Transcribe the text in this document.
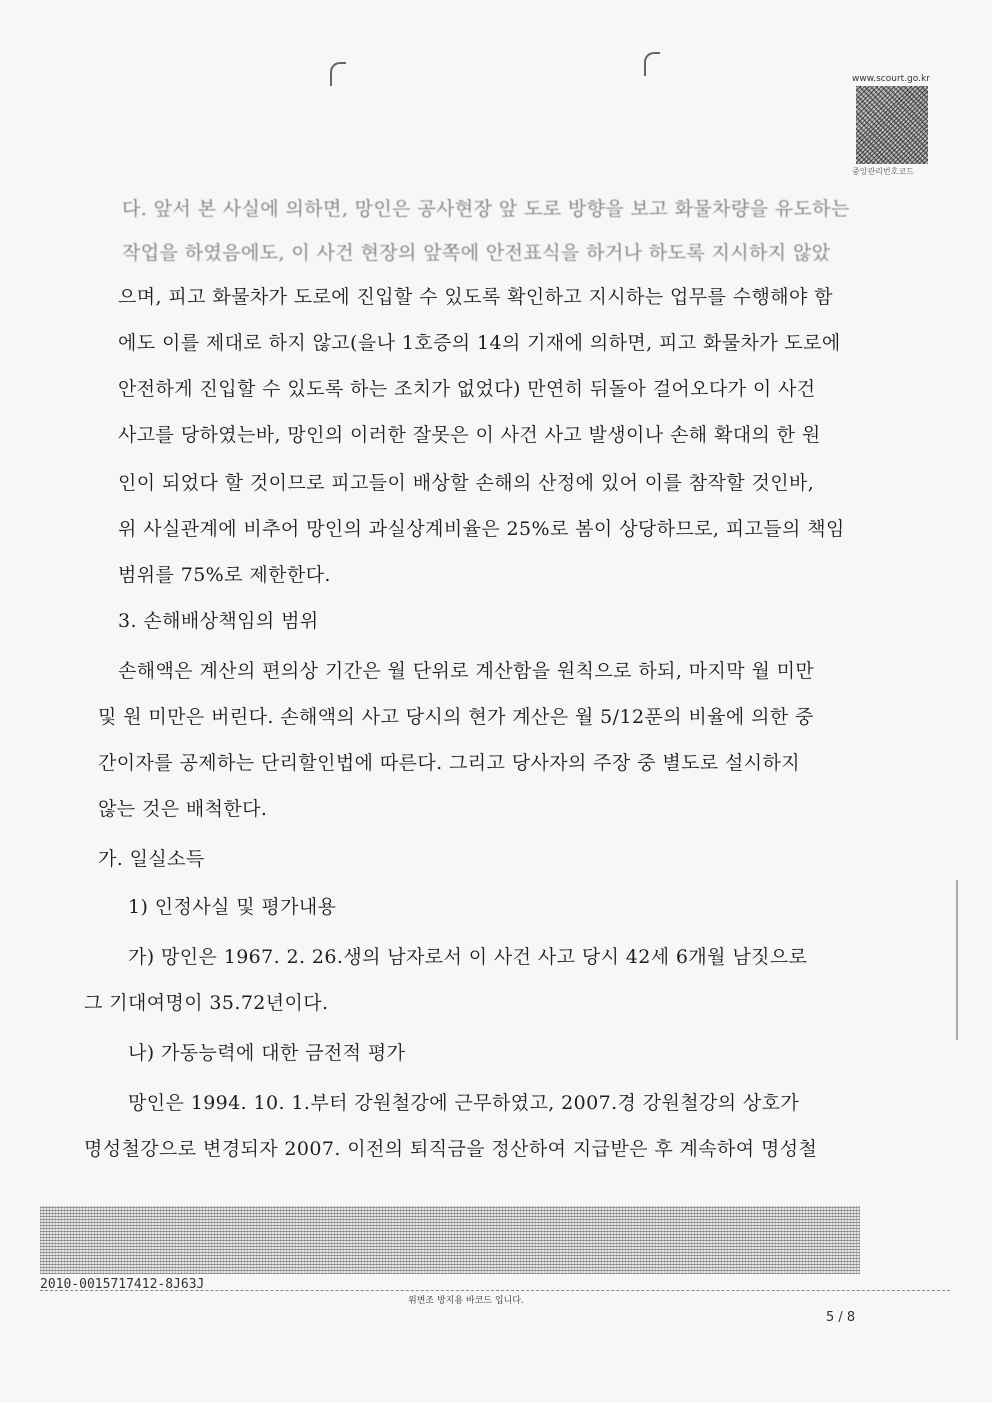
www.scourt.go.kr
중앙관리번호코드
다. 앞서 본 사실에 의하면, 망인은 공사현장 앞 도로 방향을 보고 화물차량을 유도하는
작업을 하였음에도, 이 사건 현장의 앞쪽에 안전표식을 하거나 하도록 지시하지 않았
으며, 피고 화물차가 도로에 진입할 수 있도록 확인하고 지시하는 업무를 수행해야 함
에도 이를 제대로 하지 않고(을나 1호증의 14의 기재에 의하면, 피고 화물차가 도로에
안전하게 진입할 수 있도록 하는 조치가 없었다) 만연히 뒤돌아 걸어오다가 이 사건
사고를 당하였는바, 망인의 이러한 잘못은 이 사건 사고 발생이나 손해 확대의 한 원
인이 되었다 할 것이므로 피고들이 배상할 손해의 산정에 있어 이를 참작할 것인바,
위 사실관계에 비추어 망인의 과실상계비율은 25%로 봄이 상당하므로, 피고들의 책임
범위를 75%로 제한한다.
3. 손해배상책임의 범위
손해액은 계산의 편의상 기간은 월 단위로 계산함을 원칙으로 하되, 마지막 월 미만
및 원 미만은 버린다. 손해액의 사고 당시의 현가 계산은 월 5/12푼의 비율에 의한 중
간이자를 공제하는 단리할인법에 따른다. 그리고 당사자의 주장 중 별도로 설시하지
않는 것은 배척한다.
가. 일실소득
1) 인정사실 및 평가내용
가) 망인은 1967. 2. 26.생의 남자로서 이 사건 사고 당시 42세 6개월 남짓으로
그 기대여명이 35.72년이다.
나) 가동능력에 대한 금전적 평가
망인은 1994. 10. 1.부터 강원철강에 근무하였고, 2007.경 강원철강의 상호가
명성철강으로 변경되자 2007. 이전의 퇴직금을 정산하여 지급받은 후 계속하여 명성철
2010-0015717412-8J63J
위변조 방지용 바코드 입니다.
5 / 8
